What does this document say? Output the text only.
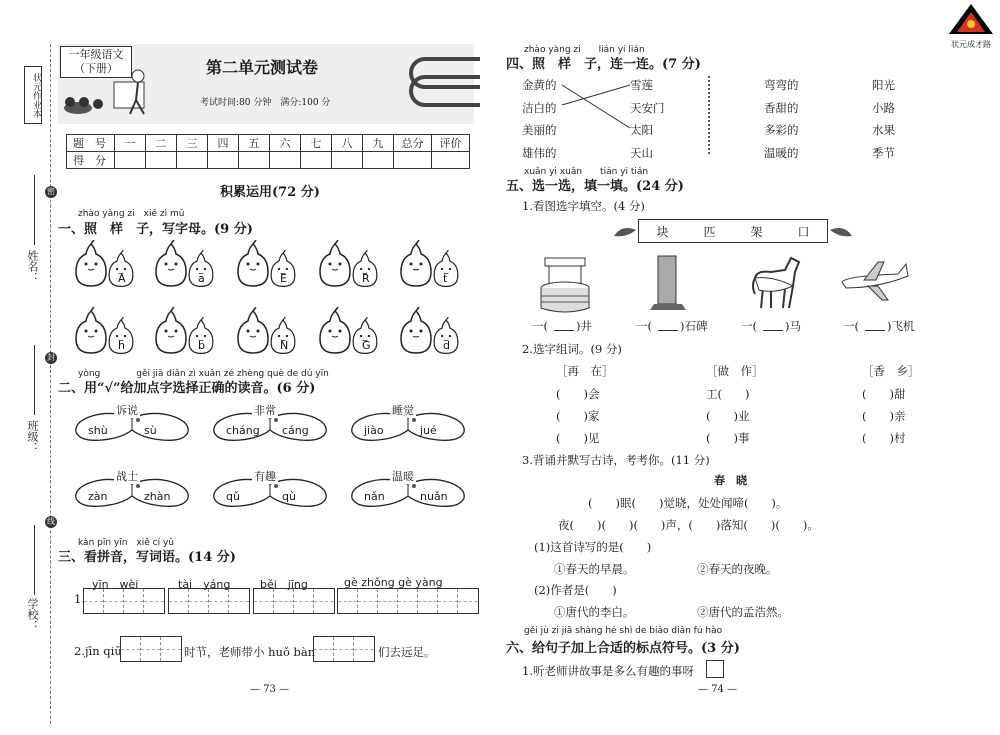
状元成才路
状元作业本
姓名：
班级：
学校：
密
封
线
一年级语文
（下册）	第二单元测试卷
考试时间:80 分钟　满分:100 分
题　号	一	二	三	四	五	六	七	八	九	总分	评价
得　分											
积累运用(72 分)
zhào yàng zi　xiě zì mǔ
一、照　样　子，写字母。(9 分)
A	a	E	R	t
h	b	N	G	d
yòng　　　　gěi jiā diǎn zì xuǎn zé zhèng què de dú yīn
二、用“√”给加点字选择正确的读音。(6 分)
诉说
shù	sù
非常
cháng cáng
睡觉
jiào	jué
战士
zàn	zhàn
有趣
qǔ	qù
温暖
nǎn	nuǎn
kàn pīn yīn　xiě cí yǔ
三、看拼音，写词语。(14 分)
1.
yīn　wèi	tài　yáng	běi　jīng	gè zhǒng gè yàng
2.jīn qiū	时节，老师带小 huǒ bàn	们去远足。
— 73 —	— 74 —
zhào yàng zi　　lián yi lián
四、照　样　子，连一连。(7 分)
金黄的
洁白的
美丽的
雄伟的
雪莲
天安门
太阳
天山
弯弯的
香甜的
多彩的
温暖的
阳光
小路
水果
季节
xuǎn yi xuǎn　　tián yi tián
五、选一选，填一填。(24 分)
1.看图选字填空。(4 分)
块	匹	架	口
一( )井	一( )石碑	一( )马	一( )飞机
2.选字组词。(9 分)
［再　在］
(　　)会
(　　)家
(　　)见
［做　作］
工(　　)
(　　)业
(　　)事
［香　乡］
(　　)甜
(　　)亲
(　　)村
3.背诵并默写古诗，考考你。(11 分)
春　晓
(　　)眠(　　)觉晓，处处闻啼(　　)。
夜(　　)(　　)(　　)声，(　　)落知(　　)(　　)。
(1)这首诗写的是(　　)
①春天的早晨。	②春天的夜晚。
(2)作者是(　　)
①唐代的李白。	②唐代的孟浩然。
gěi jù zi jiā shàng hé shì de biāo diǎn fú hào
六、给句子加上合适的标点符号。(3 分)
1.听老师讲故事是多么有趣的事呀
